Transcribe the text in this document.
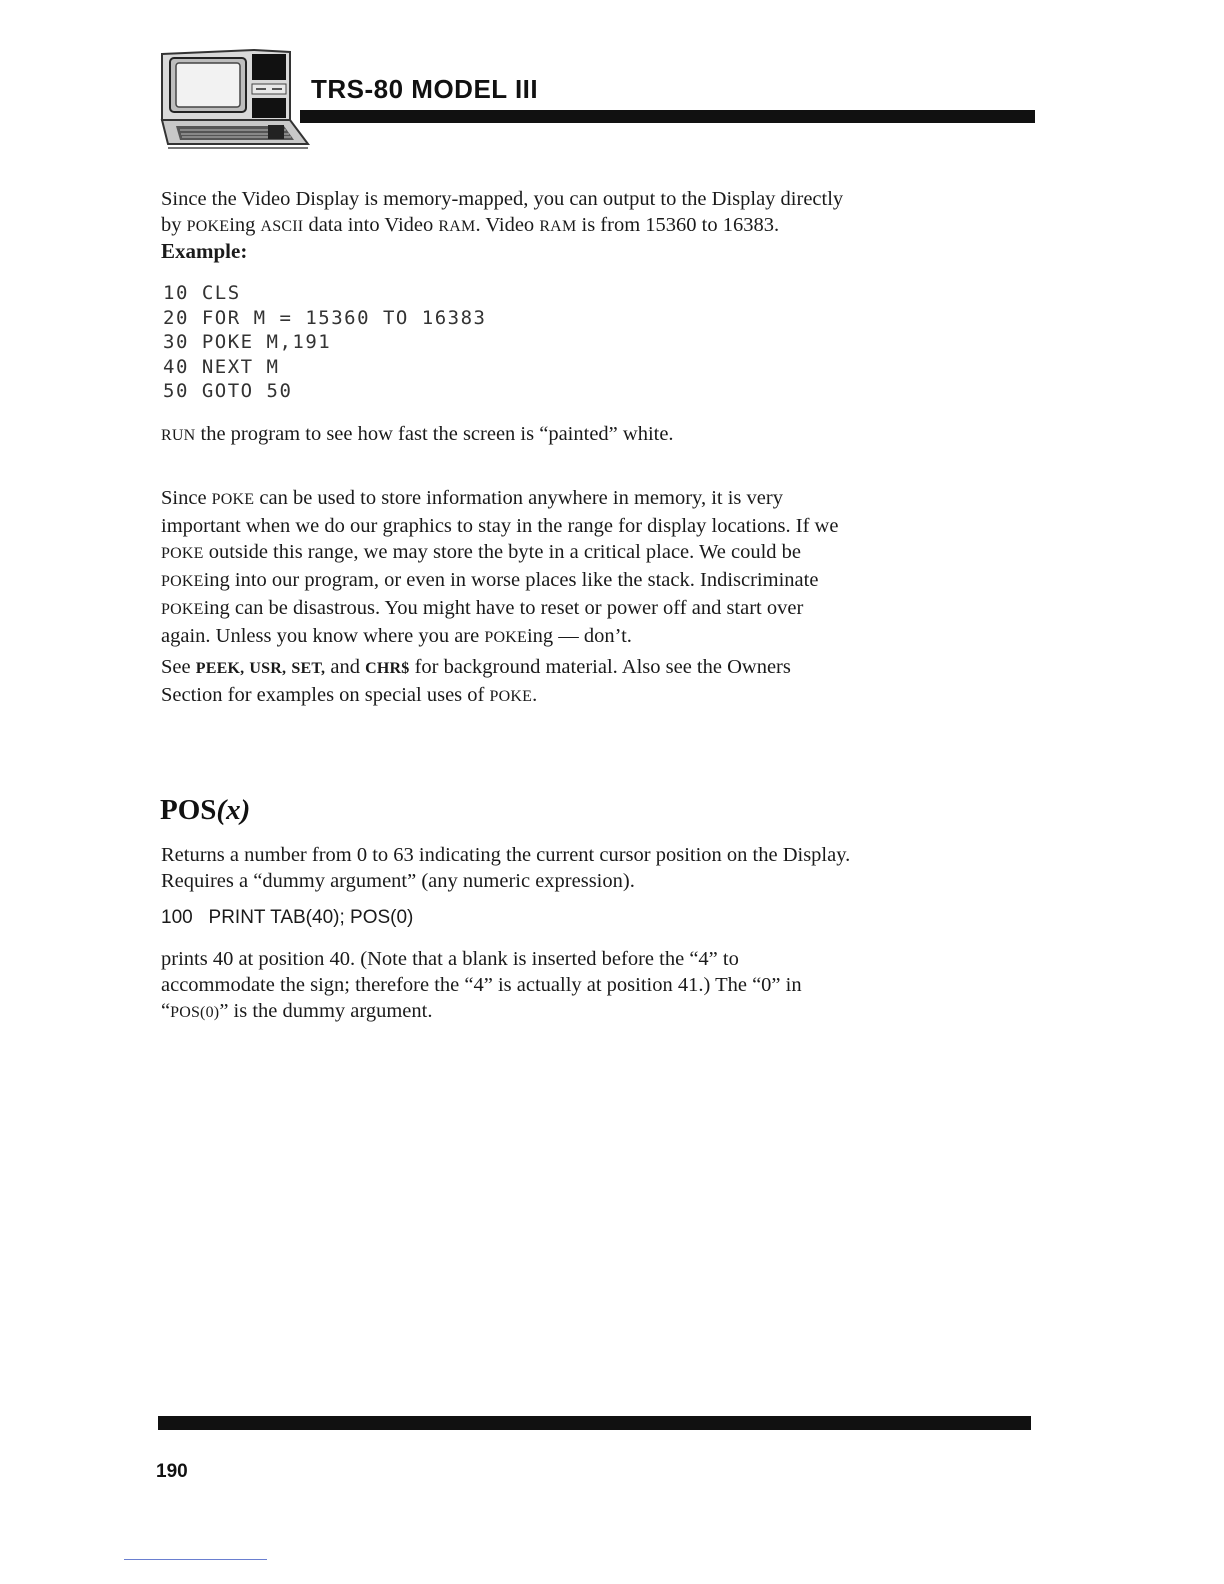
TRS-80 MODEL III

Since the Video Display is memory-mapped, you can output to the Display directly
by POKEing ASCII data into Video RAM. Video RAM is from 15360 to 16383.

Example:

10 CLS
20 FOR M = 15360 TO 16383
30 POKE M,191
40 NEXT M
50 GOTO 50

RUN the program to see how fast the screen is “painted” white.

Since POKE can be used to store information anywhere in memory, it is very
important when we do our graphics to stay in the range for display locations. If we
POKE outside this range, we may store the byte in a critical place. We could be
POKEing into our program, or even in worse places like the stack. Indiscriminate
POKEing can be disastrous. You might have to reset or power off and start over
again. Unless you know where you are POKEing — don’t.

See PEEK, USR, SET, and CHR$ for background material. Also see the Owners
Section for examples on special uses of POKE.

POS(x)

Returns a number from 0 to 63 indicating the current cursor position on the Display.
Requires a “dummy argument” (any numeric expression).

100   PRINT TAB(40); POS(0)

prints 40 at position 40. (Note that a blank is inserted before the “4” to
accommodate the sign; therefore the “4” is actually at position 41.) The “0” in
“POS(0)” is the dummy argument.

190
